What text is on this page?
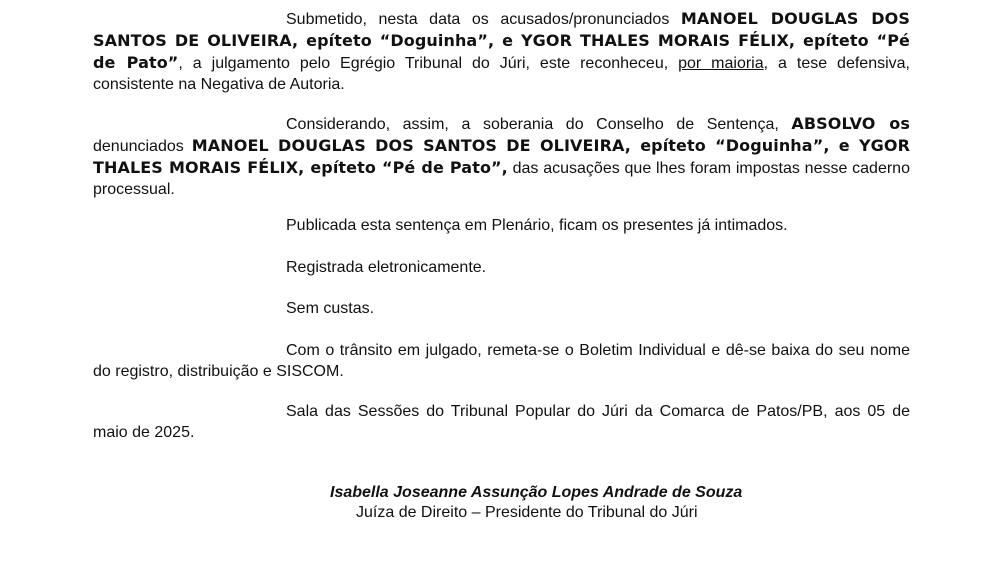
Submetido, nesta data os acusados/pronunciados MANOEL DOUGLAS DOS SANTOS DE OLIVEIRA, epíteto “Doguinha”, e YGOR THALES MORAIS FÉLIX, epíteto “Pé de Pato”, a julgamento pelo Egrégio Tribunal do Júri, este reconheceu, por maioria, a tese defensiva, consistente na Negativa de Autoria.

Considerando, assim, a soberania do Conselho de Sentença, ABSOLVO os denunciados MANOEL DOUGLAS DOS SANTOS DE OLIVEIRA, epíteto “Doguinha”, e YGOR THALES MORAIS FÉLIX, epíteto “Pé de Pato”, das acusações que lhes foram impostas nesse caderno processual.

Publicada esta sentença em Plenário, ficam os presentes já intimados.

Registrada eletronicamente.

Sem custas.

Com o trânsito em julgado, remeta-se o Boletim Individual e dê-se baixa do seu nome do registro, distribuição e SISCOM.

Sala das Sessões do Tribunal Popular do Júri da Comarca de Patos/PB, aos 05 de maio de 2025.

Isabella Joseanne Assunção Lopes Andrade de Souza

Juíza de Direito – Presidente do Tribunal do Júri
